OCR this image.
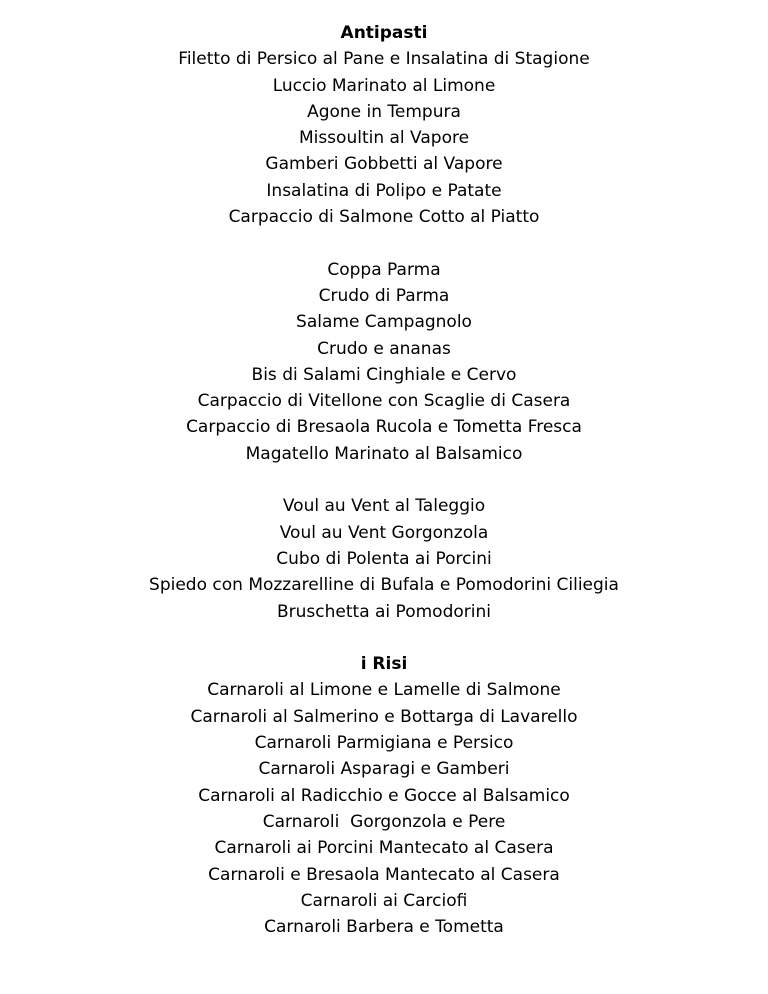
Antipasti
Filetto di Persico al Pane e Insalatina di Stagione
Luccio Marinato al Limone
Agone in Tempura
Missoultin al Vapore
Gamberi Gobbetti al Vapore
Insalatina di Polipo e Patate
Carpaccio di Salmone Cotto al Piatto
Coppa Parma
Crudo di Parma
Salame Campagnolo
Crudo e ananas
Bis di Salami Cinghiale e Cervo
Carpaccio di Vitellone con Scaglie di Casera
Carpaccio di Bresaola Rucola e Tometta Fresca
Magatello Marinato al Balsamico
Voul au Vent al Taleggio
Voul au Vent Gorgonzola
Cubo di Polenta ai Porcini
Spiedo con Mozzarelline di Bufala e Pomodorini Ciliegia
Bruschetta ai Pomodorini
i Risi
Carnaroli al Limone e Lamelle di Salmone
Carnaroli al Salmerino e Bottarga di Lavarello
Carnaroli Parmigiana e Persico
Carnaroli Asparagi e Gamberi
Carnaroli al Radicchio e Gocce al Balsamico
Carnaroli  Gorgonzola e Pere
Carnaroli ai Porcini Mantecato al Casera
Carnaroli e Bresaola Mantecato al Casera
Carnaroli ai Carciofi
Carnaroli Barbera e Tometta
